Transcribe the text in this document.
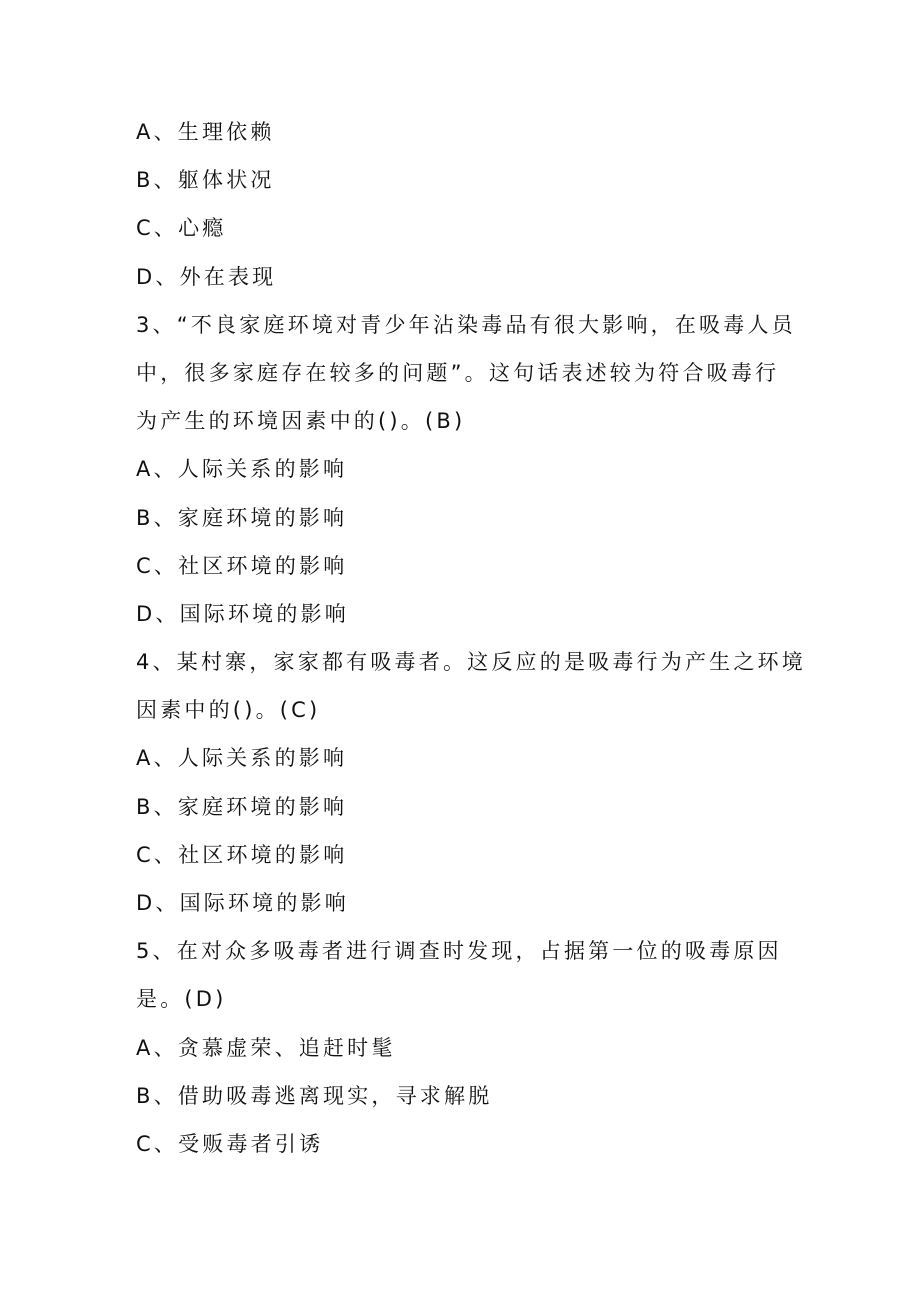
A、生理依赖
B、躯体状况
C、心瘾
D、外在表现
3、“不良家庭环境对青少年沾染毒品有很大影响，在吸毒人员
中，很多家庭存在较多的问题”。这句话表述较为符合吸毒行
为产生的环境因素中的()。(B)
A、人际关系的影响
B、家庭环境的影响
C、社区环境的影响
D、国际环境的影响
4、某村寨，家家都有吸毒者。这反应的是吸毒行为产生之环境
因素中的()。(C)
A、人际关系的影响
B、家庭环境的影响
C、社区环境的影响
D、国际环境的影响
5、在对众多吸毒者进行调查时发现，占据第一位的吸毒原因
是。(D)
A、贪慕虚荣、追赶时髦
B、借助吸毒逃离现实，寻求解脱
C、受贩毒者引诱
